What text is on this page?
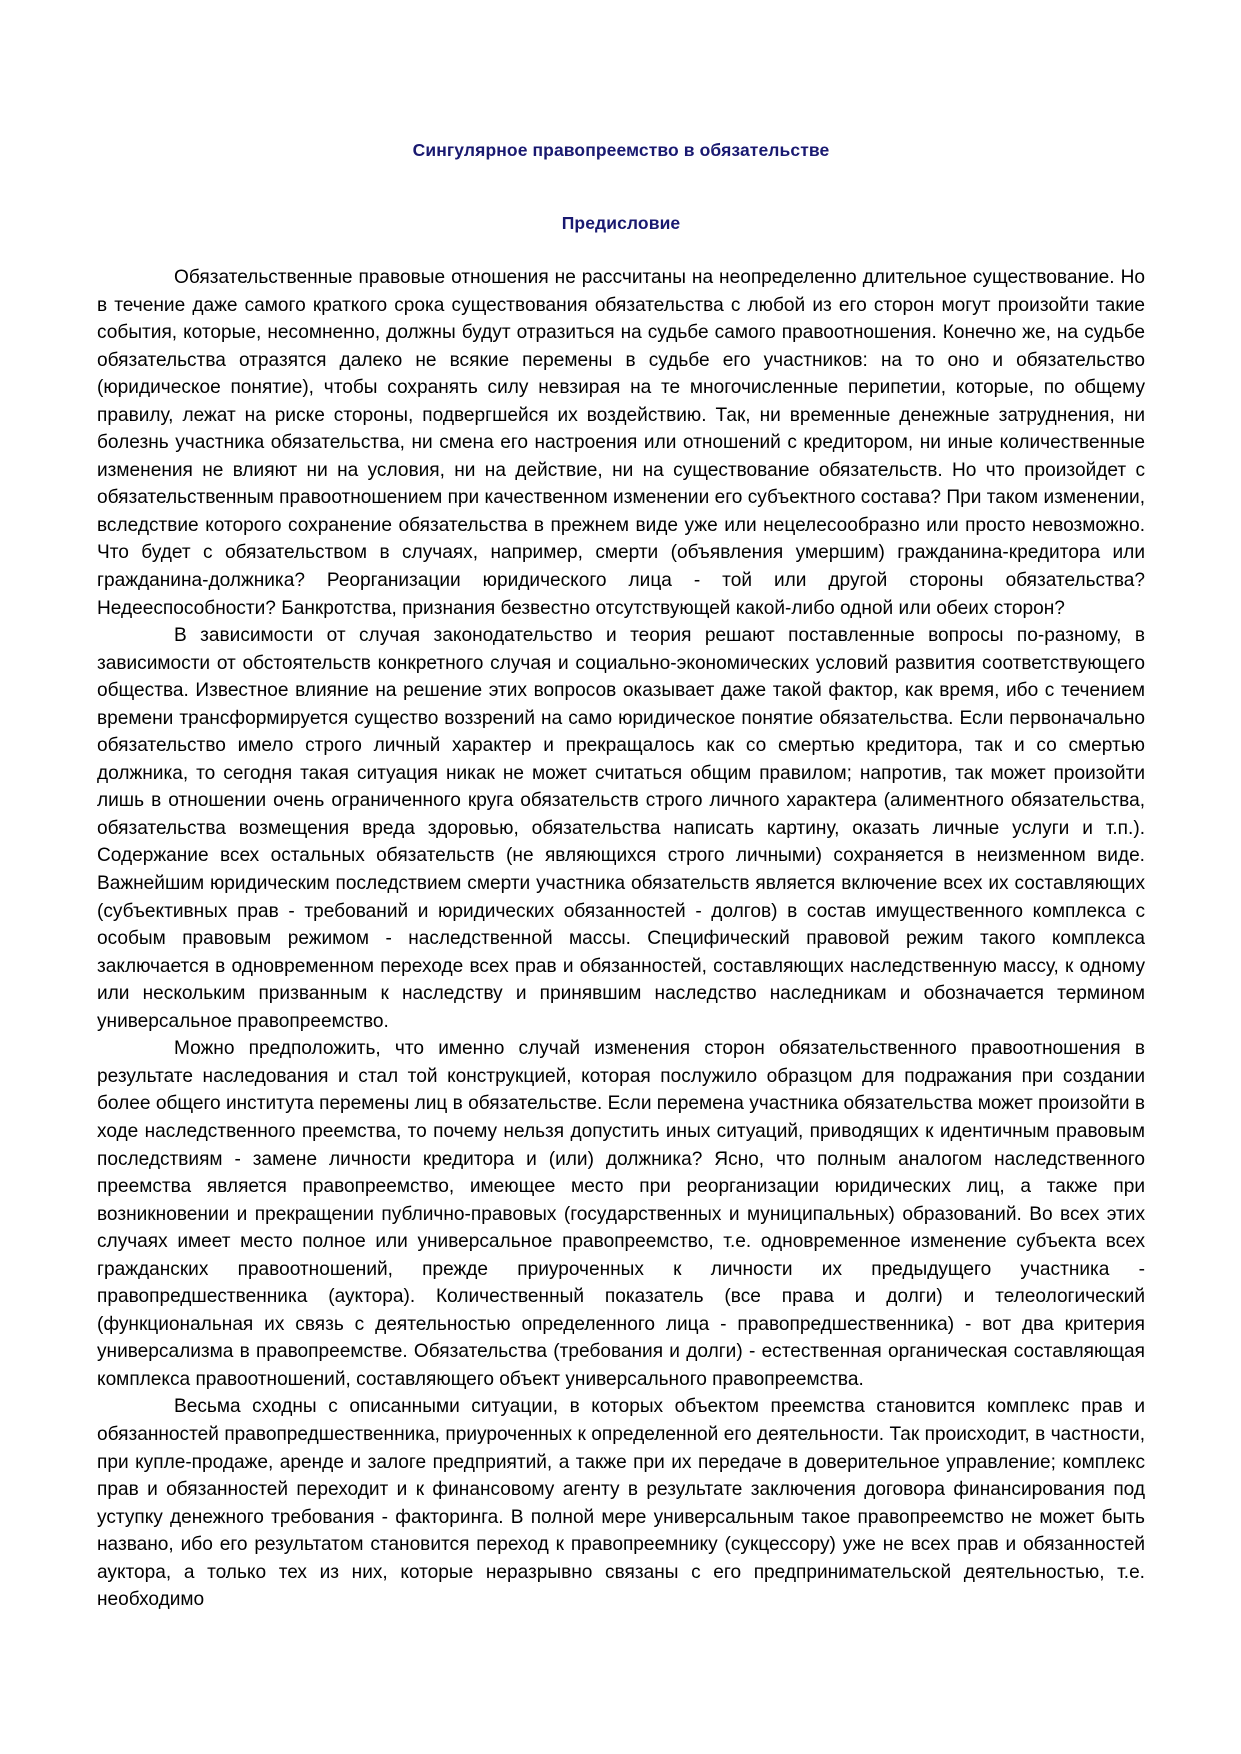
Сингулярное правопреемство в обязательстве
Предисловие

Обязательственные правовые отношения не рассчитаны на неопределенно длительное существование. Но в течение даже самого краткого срока существования обязательства с любой из его сторон могут произойти такие события, которые, несомненно, должны будут отразиться на судьбе самого правоотношения. Конечно же, на судьбе обязательства отразятся далеко не всякие перемены в судьбе его участников: на то оно и обязательство (юридическое понятие), чтобы сохранять силу невзирая на те многочисленные перипетии, которые, по общему правилу, лежат на риске стороны, подвергшейся их воздействию. Так, ни временные денежные затруднения, ни болезнь участника обязательства, ни смена его настроения или отношений с кредитором, ни иные количественные изменения не влияют ни на условия, ни на действие, ни на существование обязательств. Но что произойдет с обязательственным правоотношением при качественном изменении его субъектного состава? При таком изменении, вследствие которого сохранение обязательства в прежнем виде уже или нецелесообразно или просто невозможно. Что будет с обязательством в случаях, например, смерти (объявления умершим) гражданина-кредитора или гражданина-должника? Реорганизации юридического лица - той или другой стороны обязательства? Недееспособности? Банкротства, признания безвестно отсутствующей какой-либо одной или обеих сторон?

В зависимости от случая законодательство и теория решают поставленные вопросы по-разному, в зависимости от обстоятельств конкретного случая и социально-экономических условий развития соответствующего общества. Известное влияние на решение этих вопросов оказывает даже такой фактор, как время, ибо с течением времени трансформируется существо воззрений на само юридическое понятие обязательства. Если первоначально обязательство имело строго личный характер и прекращалось как со смертью кредитора, так и со смертью должника, то сегодня такая ситуация никак не может считаться общим правилом; напротив, так может произойти лишь в отношении очень ограниченного круга обязательств строго личного характера (алиментного обязательства, обязательства возмещения вреда здоровью, обязательства написать картину, оказать личные услуги и т.п.). Содержание всех остальных обязательств (не являющихся строго личными) сохраняется в неизменном виде. Важнейшим юридическим последствием смерти участника обязательств является включение всех их составляющих (субъективных прав - требований и юридических обязанностей - долгов) в состав имущественного комплекса с особым правовым режимом - наследственной массы. Специфический правовой режим такого комплекса заключается в одновременном переходе всех прав и обязанностей, составляющих наследственную массу, к одному или нескольким призванным к наследству и принявшим наследство наследникам и обозначается термином универсальное правопреемство.

Можно предположить, что именно случай изменения сторон обязательственного правоотношения в результате наследования и стал той конструкцией, которая послужило образцом для подражания при создании более общего института перемены лиц в обязательстве. Если перемена участника обязательства может произойти в ходе наследственного преемства, то почему нельзя допустить иных ситуаций, приводящих к идентичным правовым последствиям - замене личности кредитора и (или) должника? Ясно, что полным аналогом наследственного преемства является правопреемство, имеющее место при реорганизации юридических лиц, а также при возникновении и прекращении публично-правовых (государственных и муниципальных) образований. Во всех этих случаях имеет место полное или универсальное правопреемство, т.е. одновременное изменение субъекта всех гражданских правоотношений, прежде приуроченных к личности их предыдущего участника - правопредшественника (ауктора). Количественный показатель (все права и долги) и телеологический (функциональная их связь с деятельностью определенного лица - правопредшественника) - вот два критерия универсализма в правопреемстве. Обязательства (требования и долги) - естественная органическая составляющая комплекса правоотношений, составляющего объект универсального правопреемства.

Весьма сходны с описанными ситуации, в которых объектом преемства становится комплекс прав и обязанностей правопредшественника, приуроченных к определенной его деятельности. Так происходит, в частности, при купле-продаже, аренде и залоге предприятий, а также при их передаче в доверительное управление; комплекс прав и обязанностей переходит и к финансовому агенту в результате заключения договора финансирования под уступку денежного требования - факторинга. В полной мере универсальным такое правопреемство не может быть названо, ибо его результатом становится переход к правопреемнику (сукцессору) уже не всех прав и обязанностей ауктора, а только тех из них, которые неразрывно связаны с его предпринимательской деятельностью, т.е. необходимо
